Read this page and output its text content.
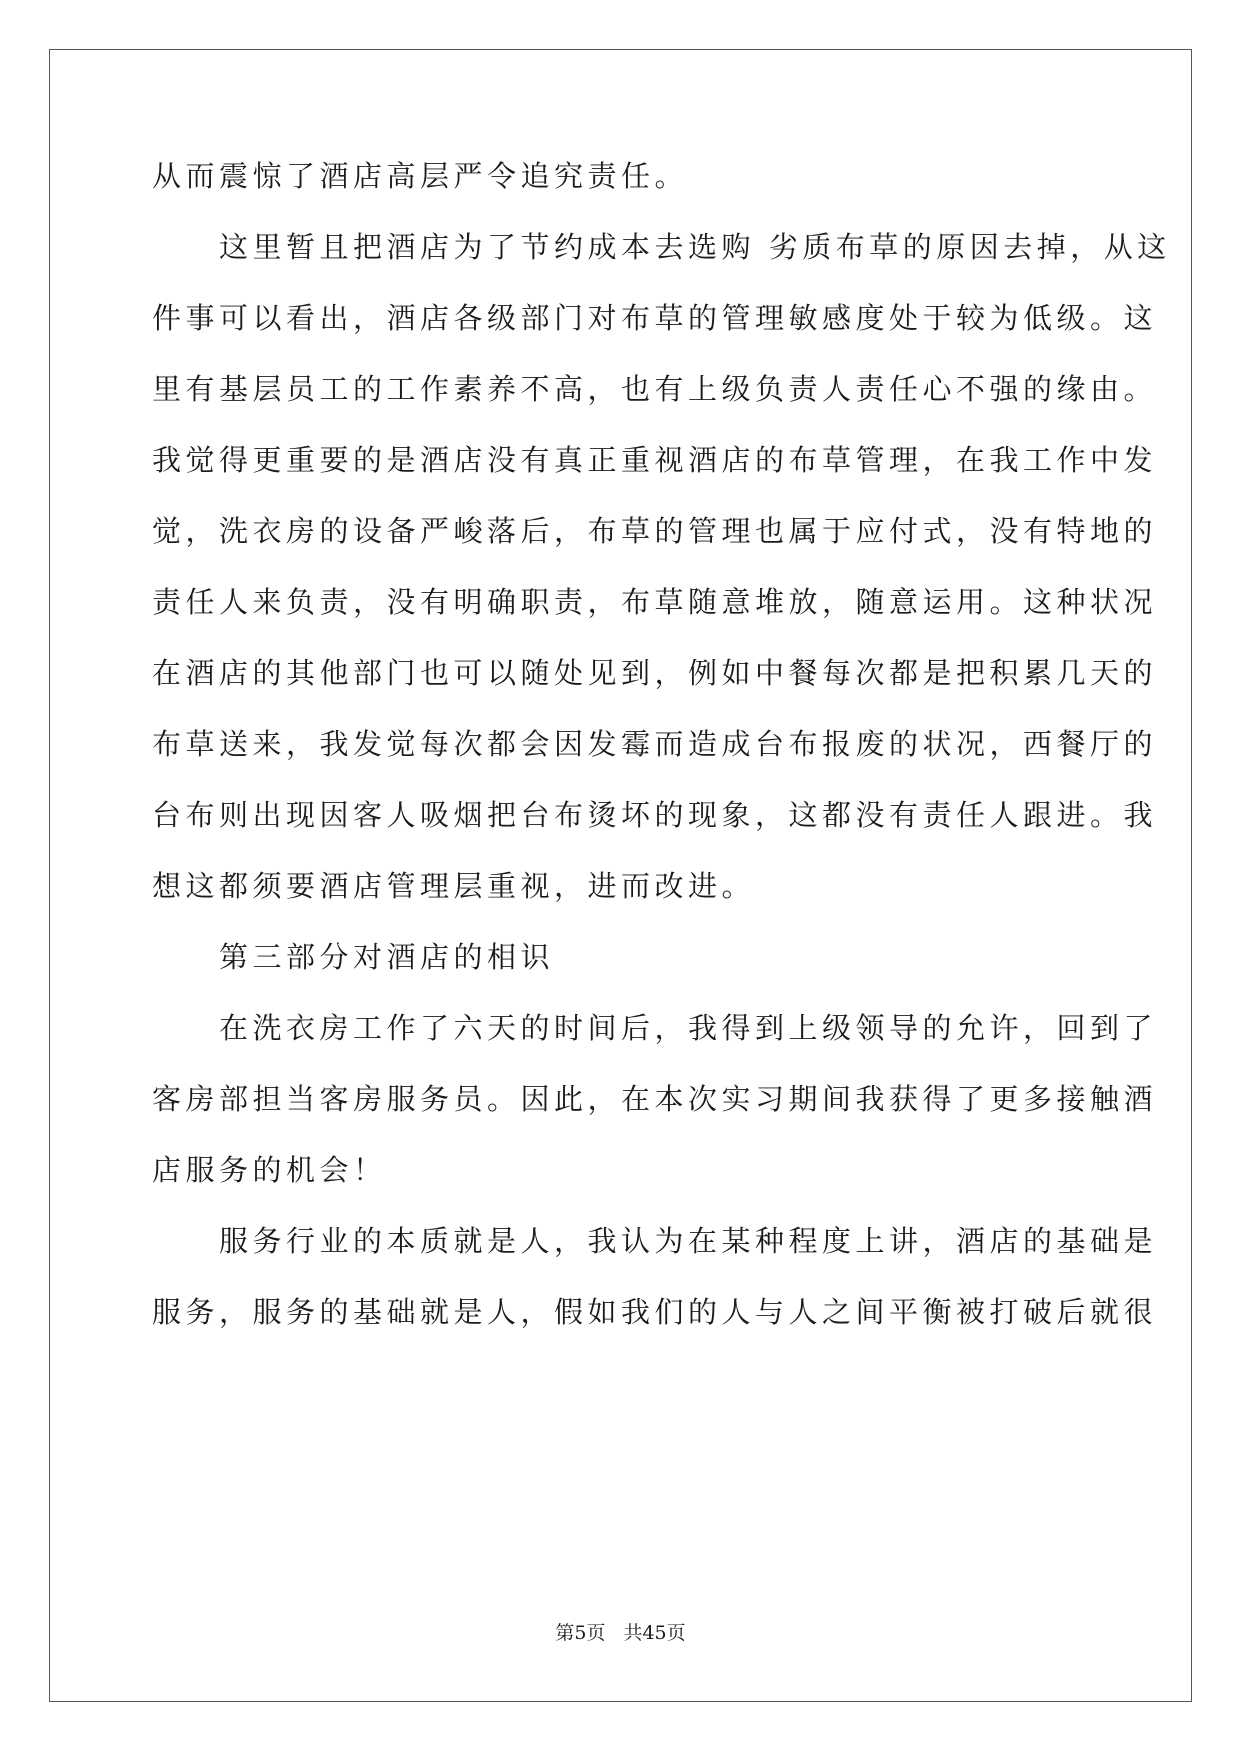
从而震惊了酒店高层严令追究责任。
　　这里暂且把酒店为了节约成本去选购 劣质布草的原因去掉，从这
件事可以看出，酒店各级部门对布草的管理敏感度处于较为低级。这
里有基层员工的工作素养不高，也有上级负责人责任心不强的缘由。
我觉得更重要的是酒店没有真正重视酒店的布草管理，在我工作中发
觉，洗衣房的设备严峻落后，布草的管理也属于应付式，没有特地的
责任人来负责，没有明确职责，布草随意堆放，随意运用。这种状况
在酒店的其他部门也可以随处见到，例如中餐每次都是把积累几天的
布草送来，我发觉每次都会因发霉而造成台布报废的状况，西餐厅的
台布则出现因客人吸烟把台布烫坏的现象，这都没有责任人跟进。我
想这都须要酒店管理层重视，进而改进。
　　第三部分对酒店的相识
　　在洗衣房工作了六天的时间后，我得到上级领导的允许，回到了
客房部担当客房服务员。因此，在本次实习期间我获得了更多接触酒
店服务的机会！
　　服务行业的本质就是人，我认为在某种程度上讲，酒店的基础是
服务，服务的基础就是人，假如我们的人与人之间平衡被打破后就很
第5页 共45页
